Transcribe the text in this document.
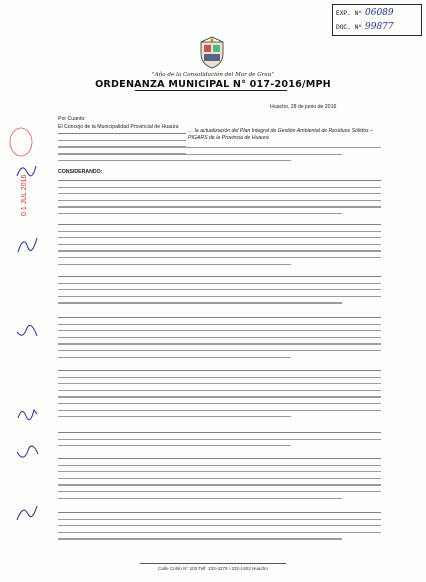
EXP. Nº 06089
DOC. Nº 99877
"Año de la Consolidación del Mar de Grau"
ORDENANZA MUNICIPAL N° 017-2016/MPH
Huacho, 28 de junio de 2016
Por Cuanto:
El Concejo de la Municipalidad Provincial de Huaura
… la actualización del Plan Integral de Gestión Ambiental de Residuos Sólidos – PIGARS de la Provincia de Huaura
CONSIDERANDO:
0 1 JUL 2016
Calle Colón N° 103 Telf. 232-4275 / 232-1402 Huacho
